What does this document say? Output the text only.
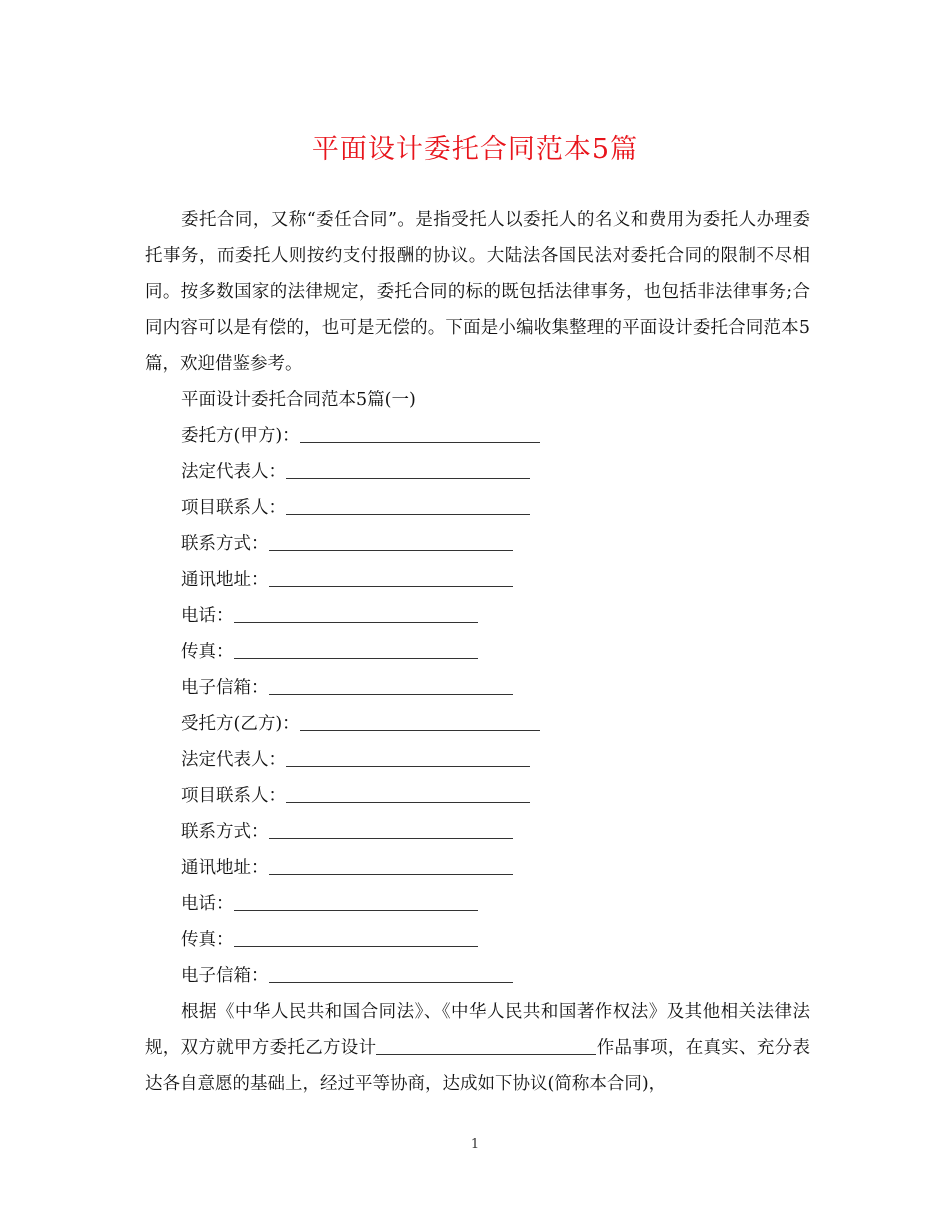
平面设计委托合同范本5篇

委托合同，又称“委任合同”。是指受托人以委托人的名义和费用为委托人办理委托事务，而委托人则按约支付报酬的协议。大陆法各国民法对委托合同的限制不尽相同。按多数国家的法律规定，委托合同的标的既包括法律事务，也包括非法律事务;合同内容可以是有偿的，也可是无偿的。下面是小编收集整理的平面设计委托合同范本5篇，欢迎借鉴参考。

平面设计委托合同范本5篇(一)

委托方(甲方)：

法定代表人：

项目联系人：

联系方式：

通讯地址：

电话：

传真：

电子信箱：

受托方(乙方)：

法定代表人：

项目联系人：

联系方式：

通讯地址：

电话：

传真：

电子信箱：

根据《中华人民共和国合同法》、《中华人民共和国著作权法》及其他相关法律法规，双方就甲方委托乙方设计	作品事项，在真实、充分表达各自意愿的基础上，经过平等协商，达成如下协议(简称本合同)，

1
